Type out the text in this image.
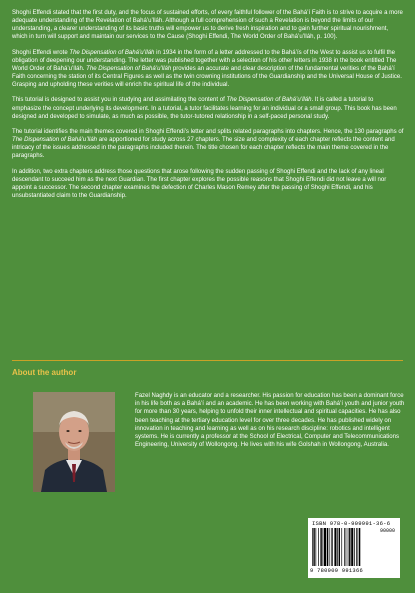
Shoghi Effendi stated that the first duty, and the focus of sustained efforts, of every faithful follower of the Bahá’í Faith is to strive to acquire a more adequate understanding of the Revelation of Bahá’u’lláh. Although a full comprehension of such a Revelation is beyond the limits of our understanding, a clearer understanding of its basic truths will empower us to derive fresh inspiration and to gain further spiritual nourishment, which in turn will support and maintain our services to the Cause (Shoghi Effendi, The World Order of Bahá’u’lláh, p. 100).

Shoghi Effendi wrote The Dispensation of Bahá’u’lláh in 1934 in the form of a letter addressed to the Bahá’ís of the West to assist us to fulfil the obligation of deepening our understanding. The letter was published together with a selection of his other letters in 1938 in the book entitled The World Order of Bahá’u’lláh. The Dispensation of Bahá’u’lláh provides an accurate and clear description of the fundamental verities of the Bahá’í Faith concerning the station of its Central Figures as well as the twin crowning institutions of the Guardianship and the Universal House of Justice. Grasping and upholding these verities will enrich the spiritual life of the individual.

This tutorial is designed to assist you in studying and assimilating the content of The Dispensation of Bahá’u’lláh. It is called a tutorial to emphasize the concept underlying its development. In a tutorial, a tutor facilitates learning for an individual or a small group. This book has been designed and developed to simulate, as much as possible, the tutor-tutored relationship in a self-paced personal study.

The tutorial identifies the main themes covered in Shoghi Effendi’s letter and splits related paragraphs into chapters. Hence, the 130 paragraphs of The Dispensation of Bahá’u’lláh are apportioned for study across 27 chapters. The size and complexity of each chapter reflects the content and intricacy of the issues addressed in the paragraphs included therein. The title chosen for each chapter reflects the main theme covered in the paragraphs.

In addition, two extra chapters address those questions that arose following the sudden passing of Shoghi Effendi and the lack of any lineal descendant to succeed him as the next Guardian. The first chapter explores the possible reasons that Shoghi Effendi did not leave a will nor appoint a successor. The second chapter examines the defection of Charles Mason Remey after the passing of Shoghi Effendi, and his unsubstantiated claim to the Guardianship.

About the author

Fazel Naghdy is an educator and a researcher. His passion for education has been a dominant force in his life both as a Bahá’í and an academic. He has been working with Bahá’í youth and junior youth for more than 30 years, helping to unfold their inner intellectual and spiritual capacities. He has also been teaching at the tertiary education level for over three decades. He has published widely on innovation in teaching and learning as well as on his research discipline: robotics and intelligent systems. He is currently a professor at the School of Electrical, Computer and Telecommunications Engineering, University of Wollongong. He lives with his wife Golshah in Wollongong, Australia.

ISBN 978-0-909991-36-6
90000
9 780909 991366
